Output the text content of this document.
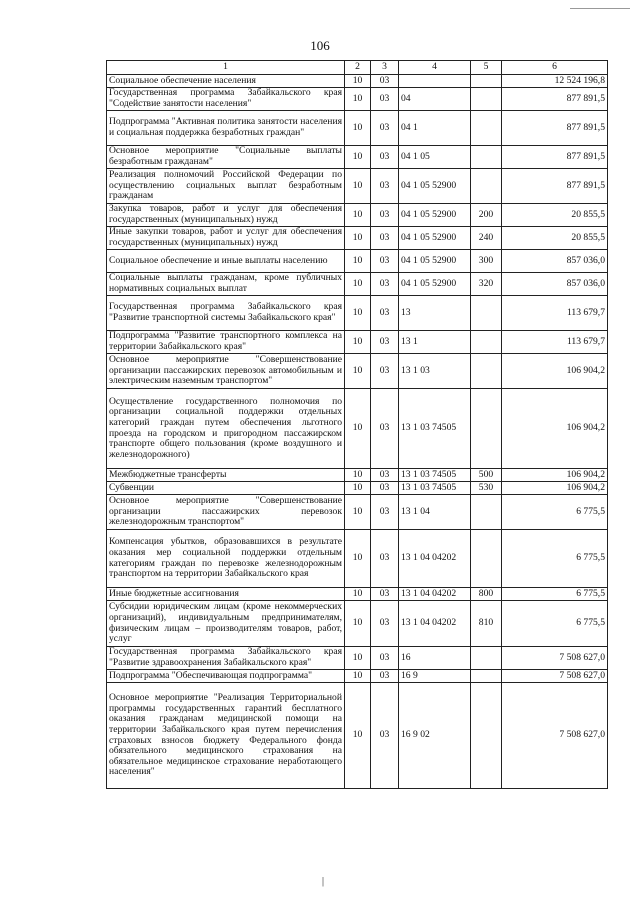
106
1	2	3	4	5	6
Социальное обеспечение населения	10	03			12 524 196,8
Государственная программа Забайкальского края "Содействие занятости населения"	10	03	04		877 891,5
Подпрограмма "Активная политика занятости населения и социальная поддержка безработных граждан"	10	03	04 1		877 891,5
Основное мероприятие "Социальные выплаты безработным гражданам"	10	03	04 1 05		877 891,5
Реализация полномочий Российской Федерации по осуществлению социальных выплат безработным гражданам	10	03	04 1 05 52900		877 891,5
Закупка товаров, работ и услуг для обеспечения государственных (муниципальных) нужд	10	03	04 1 05 52900	200	20 855,5
Иные закупки товаров, работ и услуг для обеспечения государственных (муниципальных) нужд	10	03	04 1 05 52900	240	20 855,5
Социальное обеспечение и иные выплаты населению	10	03	04 1 05 52900	300	857 036,0
Социальные выплаты гражданам, кроме публичных нормативных социальных выплат	10	03	04 1 05 52900	320	857 036,0
Государственная программа Забайкальского края "Развитие транспортной системы Забайкальского края"	10	03	13		113 679,7
Подпрограмма "Развитие транспортного комплекса на территории Забайкальского края"	10	03	13 1		113 679,7
Основное мероприятие "Совершенствование организации пассажирских перевозок автомобильным и электрическим наземным транспортом"	10	03	13 1 03		106 904,2
Осуществление государственного полномочия по организации социальной поддержки отдельных категорий граждан путем обеспечения льготного проезда на городском и пригородном пассажирском транспорте общего пользования (кроме воздушного и железнодорожного)	10	03	13 1 03 74505		106 904,2
Межбюджетные трансферты	10	03	13 1 03 74505	500	106 904,2
Субвенции	10	03	13 1 03 74505	530	106 904,2
Основное мероприятие "Совершенствование организации пассажирских перевозок железнодорожным транспортом"	10	03	13 1 04		6 775,5
Компенсация убытков, образовавшихся в результате оказания мер социальной поддержки отдельным категориям граждан по перевозке железнодорожным транспортом на территории Забайкальского края	10	03	13 1 04 04202		6 775,5
Иные бюджетные ассигнования	10	03	13 1 04 04202	800	6 775,5
Субсидии юридическим лицам (кроме некоммерческих организаций), индивидуальным предпринимателям, физическим лицам – производителям товаров, работ, услуг	10	03	13 1 04 04202	810	6 775,5
Государственная программа Забайкальского края "Развитие здравоохранения Забайкальского края"	10	03	16		7 508 627,0
Подпрограмма "Обеспечивающая подпрограмма"	10	03	16 9		7 508 627,0
Основное мероприятие "Реализация Территориальной программы государственных гарантий бесплатного оказания гражданам медицинской помощи на территории Забайкальского края путем перечисления страховых взносов бюджету Федерального фонда обязательного медицинского страхования на обязательное медицинское страхование неработающего населения"	10	03	16 9 02		7 508 627,0
|
